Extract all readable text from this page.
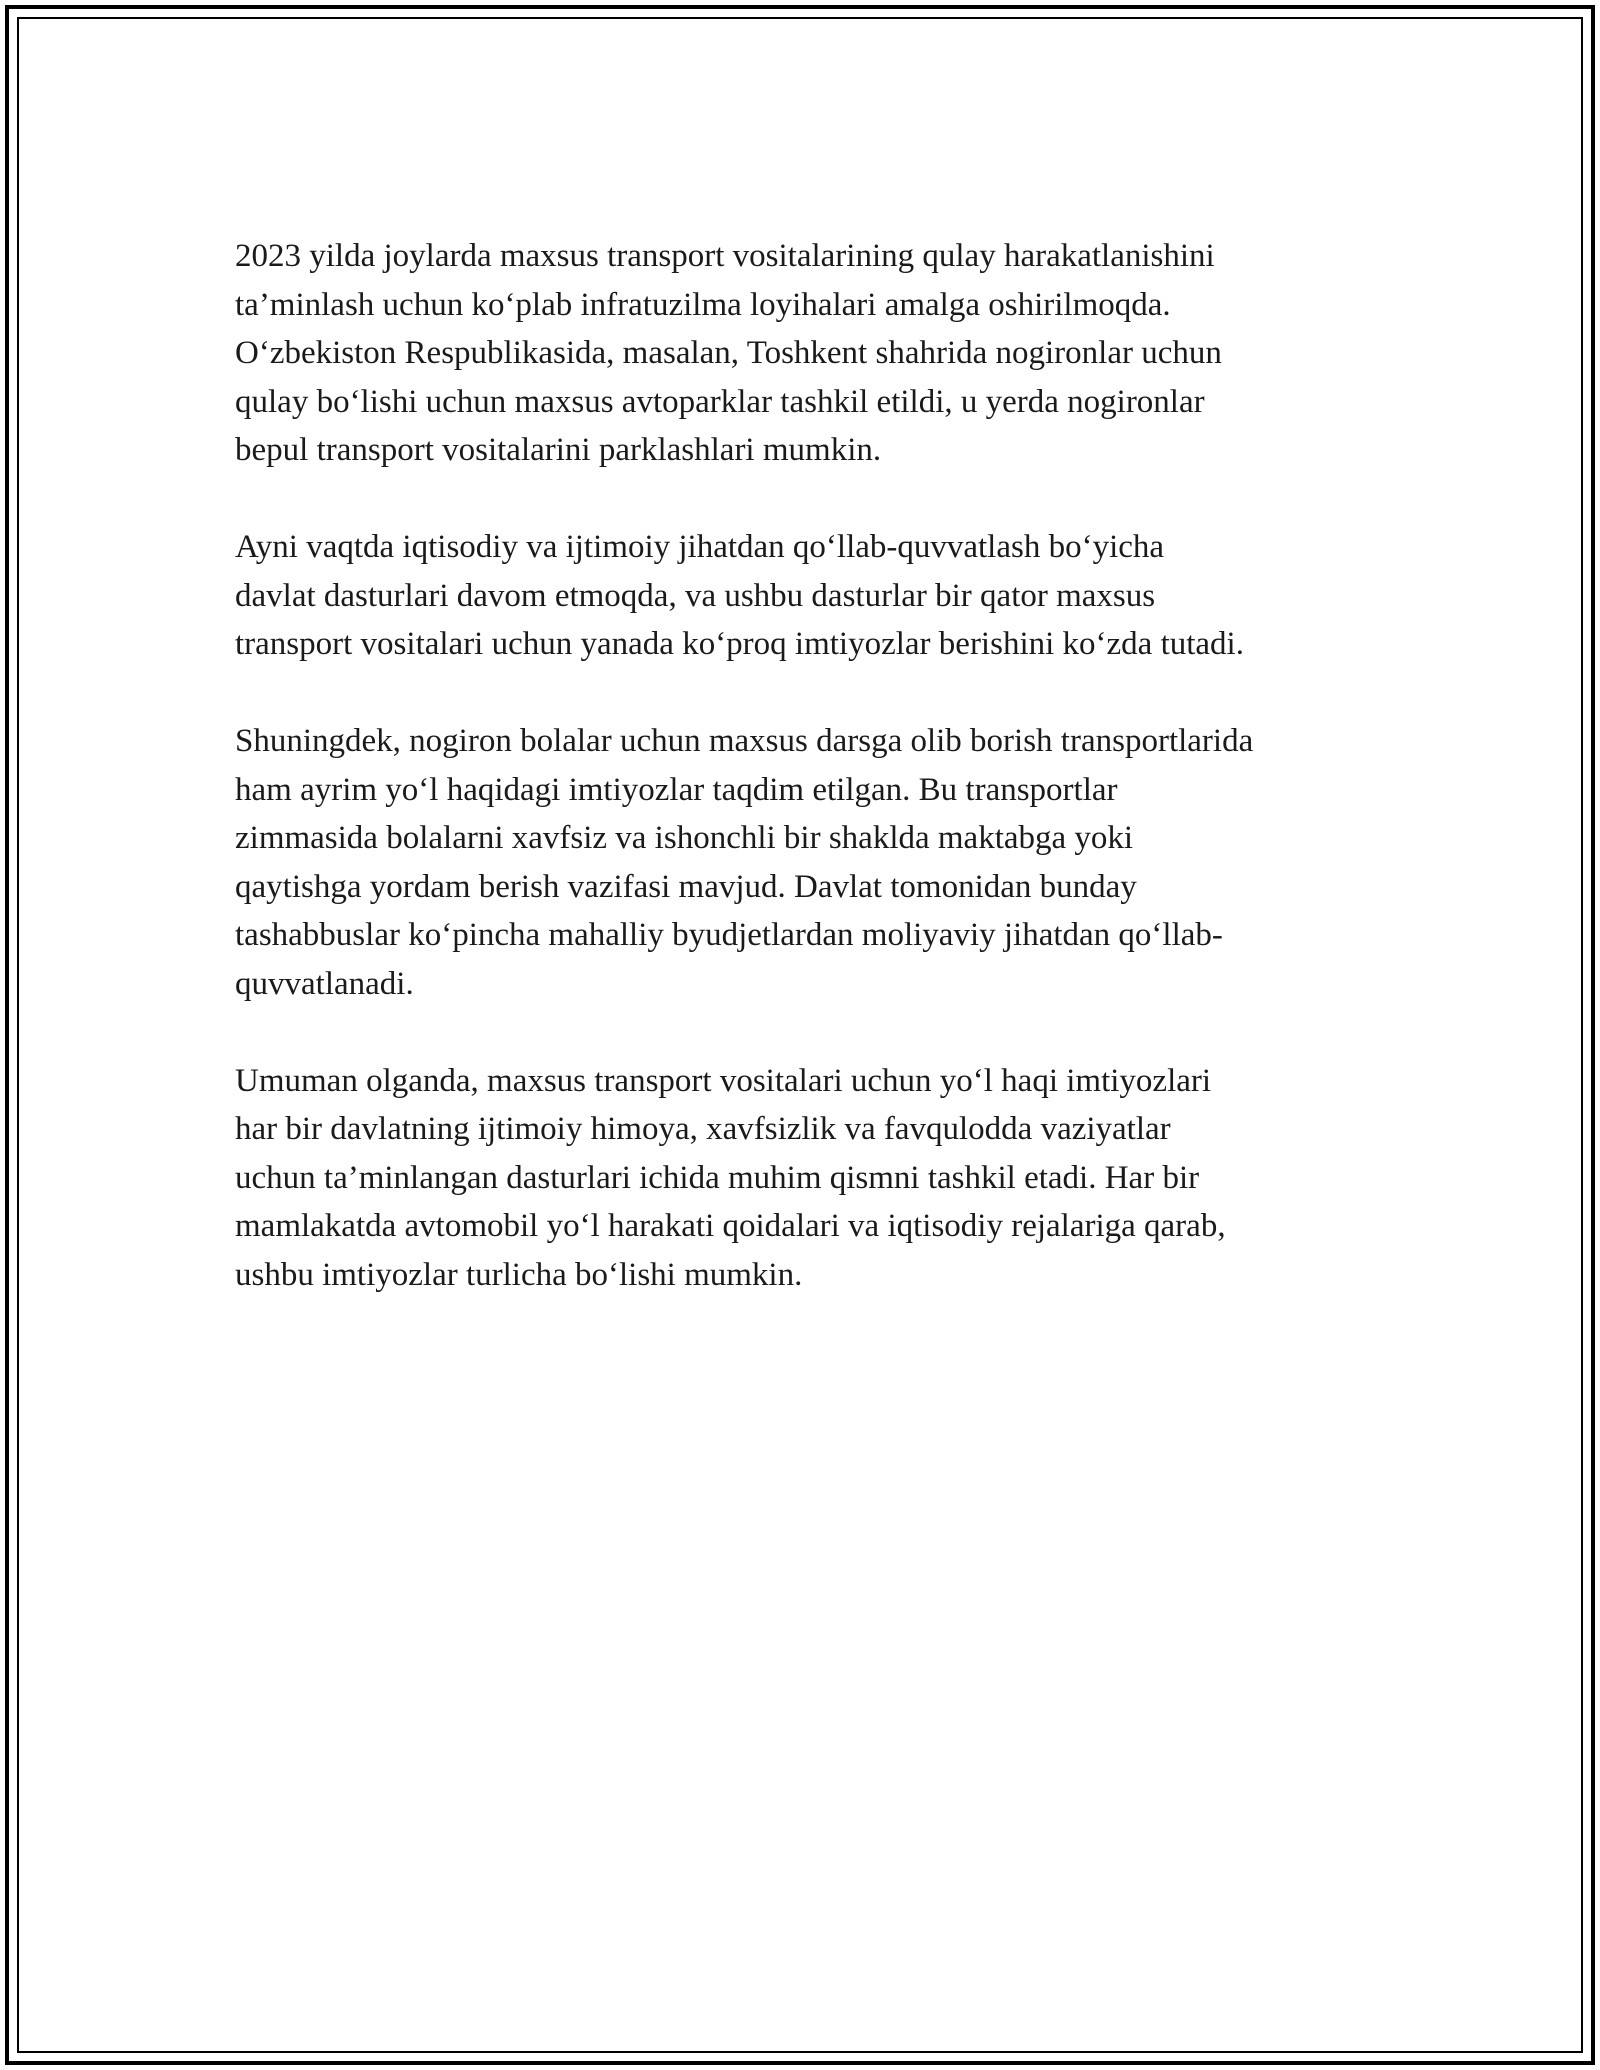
2023 yilda joylarda maxsus transport vositalarining qulay harakatlanishini
ta’minlash uchun ko‘plab infratuzilma loyihalari amalga oshirilmoqda.
O‘zbekiston Respublikasida, masalan, Toshkent shahrida nogironlar uchun
qulay bo‘lishi uchun maxsus avtoparklar tashkil etildi, u yerda nogironlar
bepul transport vositalarini parklashlari mumkin.

Ayni vaqtda iqtisodiy va ijtimoiy jihatdan qo‘llab-quvvatlash bo‘yicha
davlat dasturlari davom etmoqda, va ushbu dasturlar bir qator maxsus
transport vositalari uchun yanada ko‘proq imtiyozlar berishini ko‘zda tutadi.

Shuningdek, nogiron bolalar uchun maxsus darsga olib borish transportlarida
ham ayrim yo‘l haqidagi imtiyozlar taqdim etilgan. Bu transportlar
zimmasida bolalarni xavfsiz va ishonchli bir shaklda maktabga yoki
qaytishga yordam berish vazifasi mavjud. Davlat tomonidan bunday
tashabbuslar ko‘pincha mahalliy byudjetlardan moliyaviy jihatdan qo‘llab-
quvvatlanadi.

Umuman olganda, maxsus transport vositalari uchun yo‘l haqi imtiyozlari
har bir davlatning ijtimoiy himoya, xavfsizlik va favqulodda vaziyatlar
uchun ta’minlangan dasturlari ichida muhim qismni tashkil etadi. Har bir
mamlakatda avtomobil yo‘l harakati qoidalari va iqtisodiy rejalariga qarab,
ushbu imtiyozlar turlicha bo‘lishi mumkin.
